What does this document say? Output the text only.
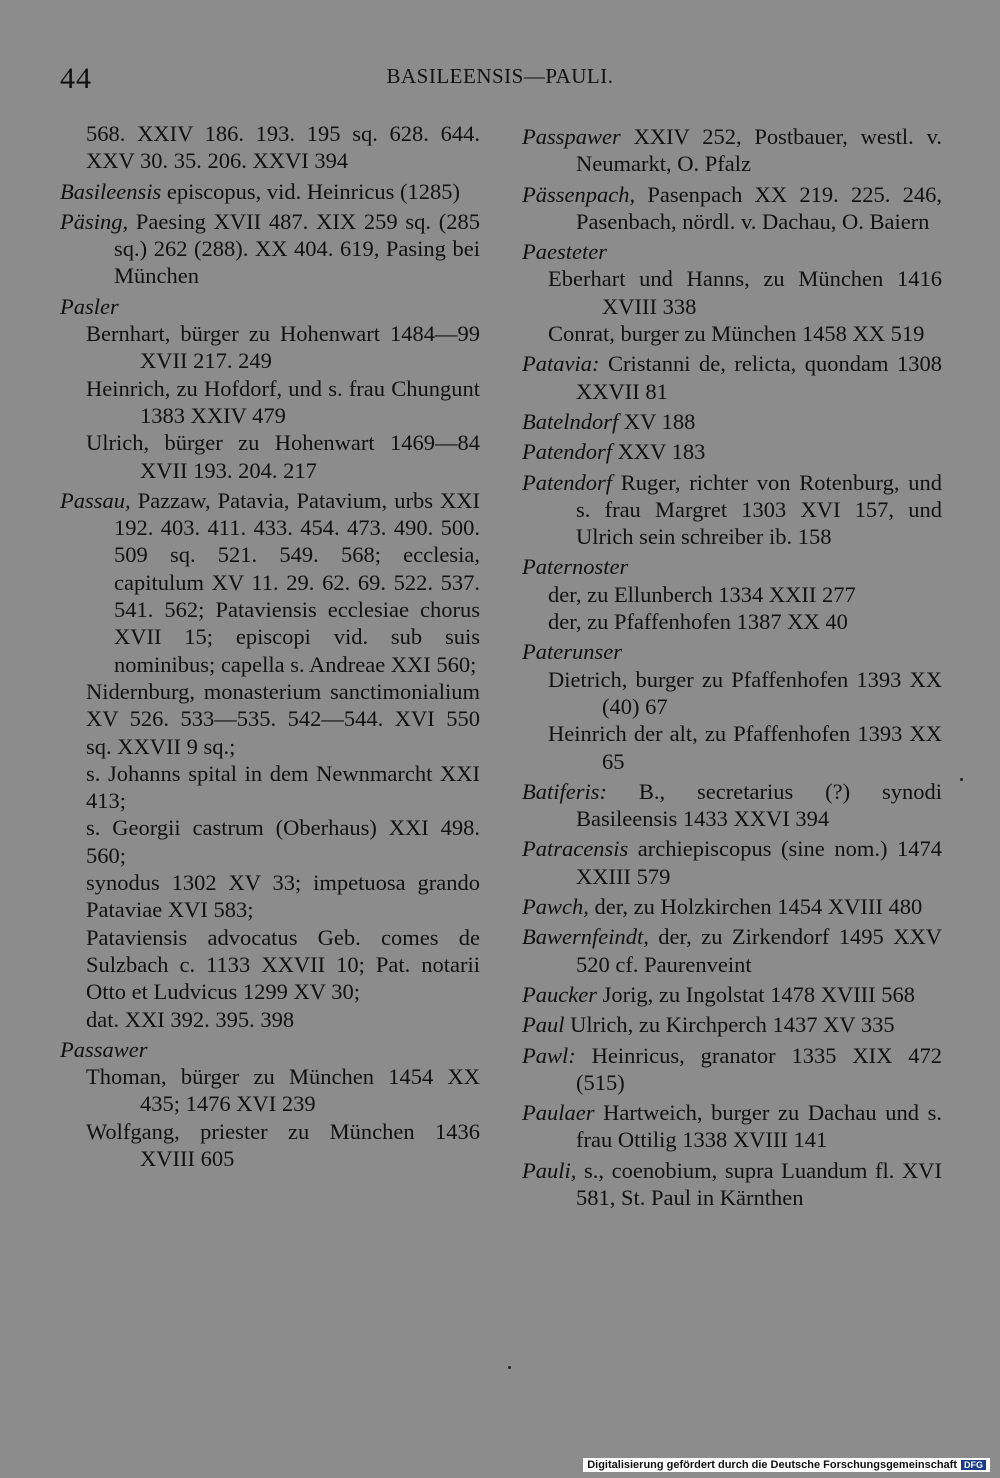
44	BASILEENSIS—PAULI.
568. XXIV 186. 193. 195 sq. 628. 644. XXV 30. 35. 206. XXVI 394
Basileensis episcopus, vid. Heinricus (1285)
Päsing, Paesing XVII 487. XIX 259 sq. (285 sq.) 262 (288). XX 404. 619, Pasing bei München
Pasler
Bernhart, bürger zu Hohenwart 1484—99 XVII 217. 249
Heinrich, zu Hofdorf, und s. frau Chungunt 1383 XXIV 479
Ulrich, bürger zu Hohenwart 1469—84 XVII 193. 204. 217
Passau, Pazzaw, Patavia, Patavium, urbs XXI 192. 403. 411. 433. 454. 473. 490. 500. 509 sq. 521. 549. 568; ecclesia, capitulum XV 11. 29. 62. 69. 522. 537. 541. 562; Pataviensis ecclesiae chorus XVII 15; episcopi vid. sub suis nominibus; capella s. Andreae XXI 560;
Nidernburg, monasterium sanctimonialium XV 526. 533—535. 542—544. XVI 550 sq. XXVII 9 sq.;
s. Johanns spital in dem Newnmarcht XXI 413;
s. Georgii castrum (Oberhaus) XXI 498. 560;
synodus 1302 XV 33; impetuosa grando Pataviae XVI 583;
Pataviensis advocatus Geb. comes de Sulzbach c. 1133 XXVII 10; Pat. notarii Otto et Ludvicus 1299 XV 30;
dat. XXI 392. 395. 398
Passawer
Thoman, bürger zu München 1454 XX 435; 1476 XVI 239
Wolfgang, priester zu München 1436 XVIII 605
Passpawer XXIV 252, Postbauer, westl. v. Neumarkt, O. Pfalz
Pässenpach, Pasenpach XX 219. 225. 246, Pasenbach, nördl. v. Dachau, O. Baiern
Paesteter
Eberhart und Hanns, zu München 1416 XVIII 338
Conrat, burger zu München 1458 XX 519
Patavia: Cristanni de, relicta, quondam 1308 XXVII 81
Batelndorf XV 188
Patendorf XXV 183
Patendorf Ruger, richter von Rotenburg, und s. frau Margret 1303 XVI 157, und Ulrich sein schreiber ib. 158
Paternoster
der, zu Ellunberch 1334 XXII 277
der, zu Pfaffenhofen 1387 XX 40
Paterunser
Dietrich, burger zu Pfaffenhofen 1393 XX (40) 67
Heinrich der alt, zu Pfaffenhofen 1393 XX 65
Batiferis: B., secretarius (?) synodi Basileensis 1433 XXVI 394
Patracensis archiepiscopus (sine nom.) 1474 XXIII 579
Pawch, der, zu Holzkirchen 1454 XVIII 480
Bawernfeindt, der, zu Zirkendorf 1495 XXV 520 cf. Paurenveint
Paucker Jorig, zu Ingolstat 1478 XVIII 568
Paul Ulrich, zu Kirchperch 1437 XV 335
Pawl: Heinricus, granator 1335 XIX 472 (515)
Paulaer Hartweich, burger zu Dachau und s. frau Ottilig 1338 XVIII 141
Pauli, s., coenobium, supra Luandum fl. XVI 581, St. Paul in Kärnthen
Digitalisierung gefördert durch die Deutsche Forschungsgemeinschaft DFG
